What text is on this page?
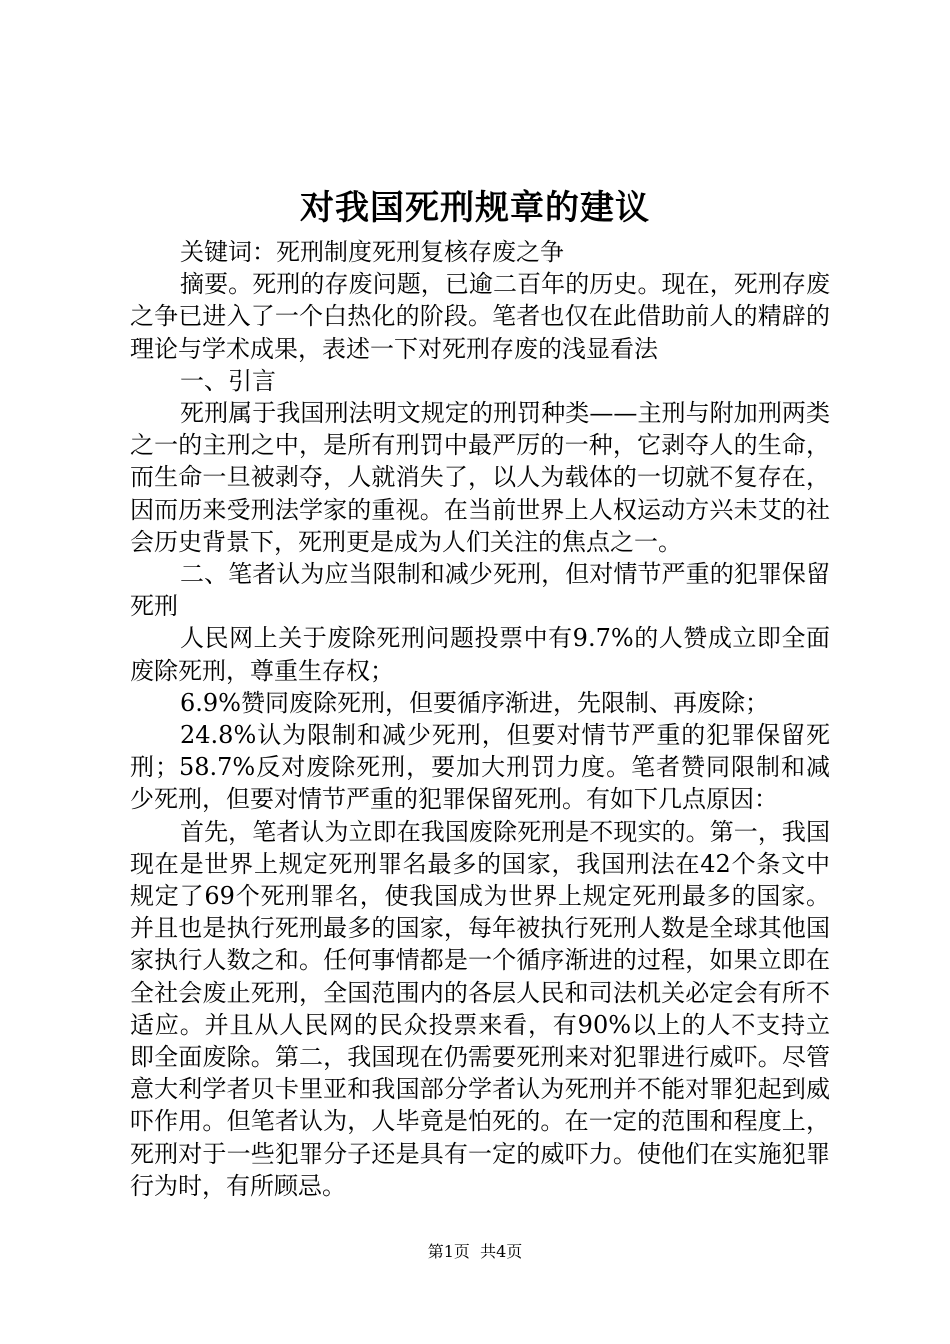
对我国死刑规章的建议

关键词：死刑制度死刑复核存废之争

摘要。死刑的存废问题，已逾二百年的历史。现在，死刑存废之争已进入了一个白热化的阶段。笔者也仅在此借助前人的精辟的理论与学术成果，表述一下对死刑存废的浅显看法

一、引言

死刑属于我国刑法明文规定的刑罚种类——主刑与附加刑两类之一的主刑之中，是所有刑罚中最严厉的一种，它剥夺人的生命，而生命一旦被剥夺，人就消失了，以人为载体的一切就不复存在，因而历来受刑法学家的重视。在当前世界上人权运动方兴未艾的社会历史背景下，死刑更是成为人们关注的焦点之一。

二、笔者认为应当限制和减少死刑，但对情节严重的犯罪保留死刑

人民网上关于废除死刑问题投票中有9.7%的人赞成立即全面废除死刑，尊重生存权；

6.9%赞同废除死刑，但要循序渐进，先限制、再废除；

24.8%认为限制和减少死刑，但要对情节严重的犯罪保留死刑；58.7%反对废除死刑，要加大刑罚力度。笔者赞同限制和减少死刑，但要对情节严重的犯罪保留死刑。有如下几点原因：

首先，笔者认为立即在我国废除死刑是不现实的。第一，我国现在是世界上规定死刑罪名最多的国家，我国刑法在42个条文中规定了69个死刑罪名，使我国成为世界上规定死刑最多的国家。并且也是执行死刑最多的国家，每年被执行死刑人数是全球其他国家执行人数之和。任何事情都是一个循序渐进的过程，如果立即在全社会废止死刑，全国范围内的各层人民和司法机关必定会有所不适应。并且从人民网的民众投票来看，有90%以上的人不支持立即全面废除。第二，我国现在仍需要死刑来对犯罪进行威吓。尽管意大利学者贝卡里亚和我国部分学者认为死刑并不能对罪犯起到威吓作用。但笔者认为，人毕竟是怕死的。在一定的范围和程度上，死刑对于一些犯罪分子还是具有一定的威吓力。使他们在实施犯罪行为时，有所顾忌。

第1页 共4页
